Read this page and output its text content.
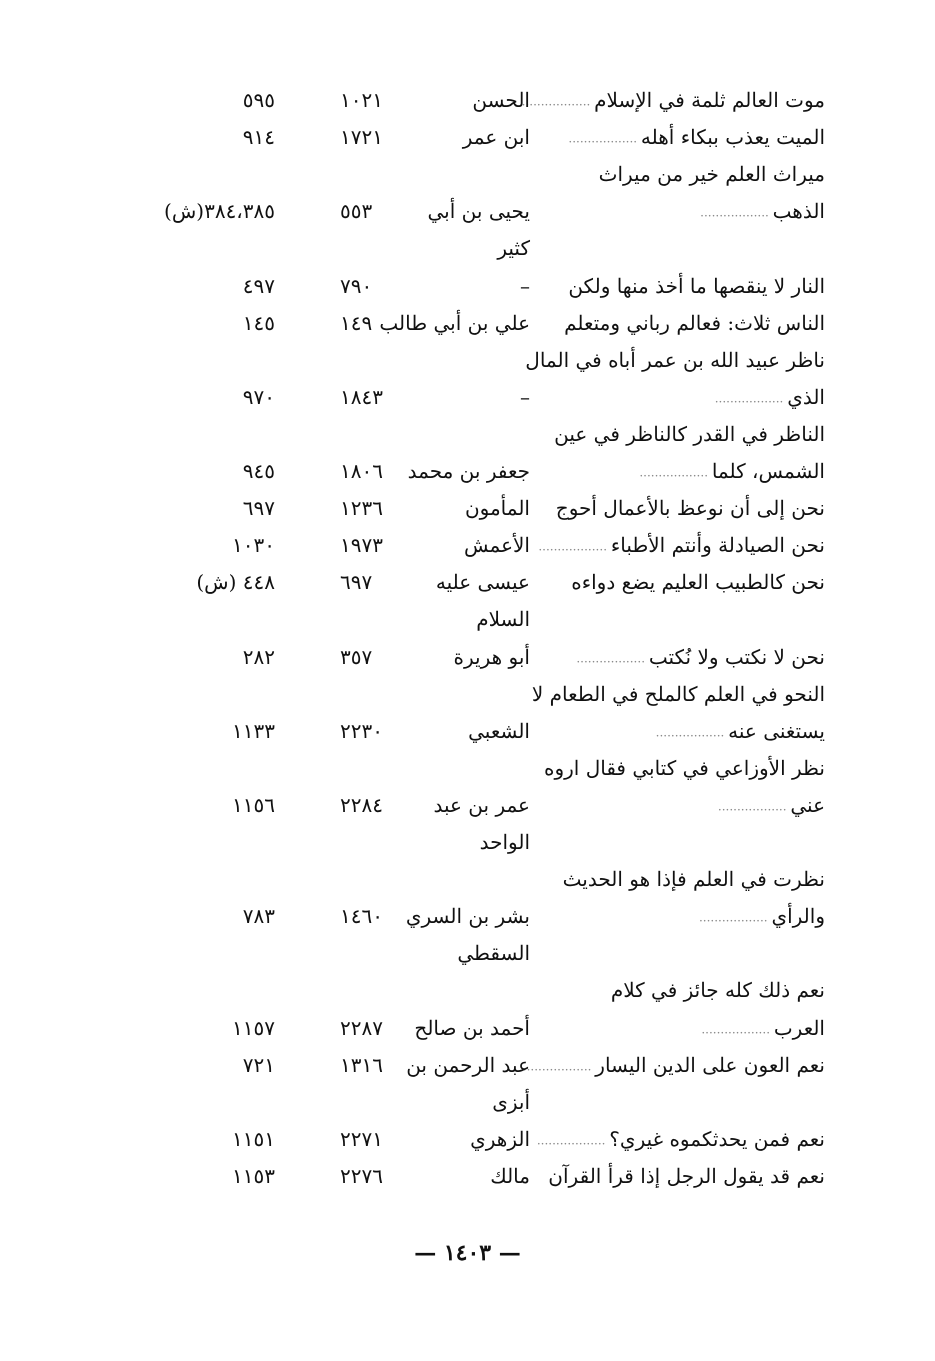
موت العالم ثلمة في الإسلام ..................
الحسن
١٠٢١
٥٩٥
الميت يعذب ببكاء أهله ..................
ابن عمر
١٧٢١
٩١٤
ميراث العلم خير من ميراث
الذهب ..................
يحيى بن أبي
٥٥٣
٣٨٤،٣٨٥(ش)
كثير
النار لا ينقصها ما أخذ منها ولكن
–
٧٩٠
٤٩٧
الناس ثلاث: فعالم رباني ومتعلم
علي بن أبي طالب
١٤٩
١٤٥
ناظر عبيد الله بن عمر أباه في المال
الذي ..................
–
١٨٤٣
٩٧٠
الناظر في القدر كالناظر في عين
الشمس، كلما ..................
جعفر بن محمد
١٨٠٦
٩٤٥
نحن إلى أن نوعظ بالأعمال أحوج
المأمون
١٢٣٦
٦٩٧
نحن الصيادلة وأنتم الأطباء ..................
الأعمش
١٩٧٣
١٠٣٠
نحن كالطبيب العليم يضع دواءه
عيسى عليه
٦٩٧
٤٤٨ (ش)
السلام
نحن لا نكتب ولا نُكتب ..................
أبو هريرة
٣٥٧
٢٨٢
النحو في العلم كالملح في الطعام لا
يستغنى عنه ..................
الشعبي
٢٢٣٠
١١٣٣
نظر الأوزاعي في كتابي فقال اروه
عني ..................
عمر بن عبد
٢٢٨٤
١١٥٦
الواحد
نظرت في العلم فإذا هو الحديث
والرأي ..................
بشر بن السري
١٤٦٠
٧٨٣
السقطي
نعم ذلك كله جائز في كلام
العرب ..................
أحمد بن صالح
٢٢٨٧
١١٥٧
نعم العون على الدين اليسار ..................
عبد الرحمن بن
١٣١٦
٧٢١
أبزى
نعم فمن يحدثكموه غيري؟ ..................
الزهري
٢٢٧١
١١٥١
نعم قد يقول الرجل إذا قرأ القرآن
مالك
٢٢٧٦
١١٥٣
— ١٤٠٣ —
